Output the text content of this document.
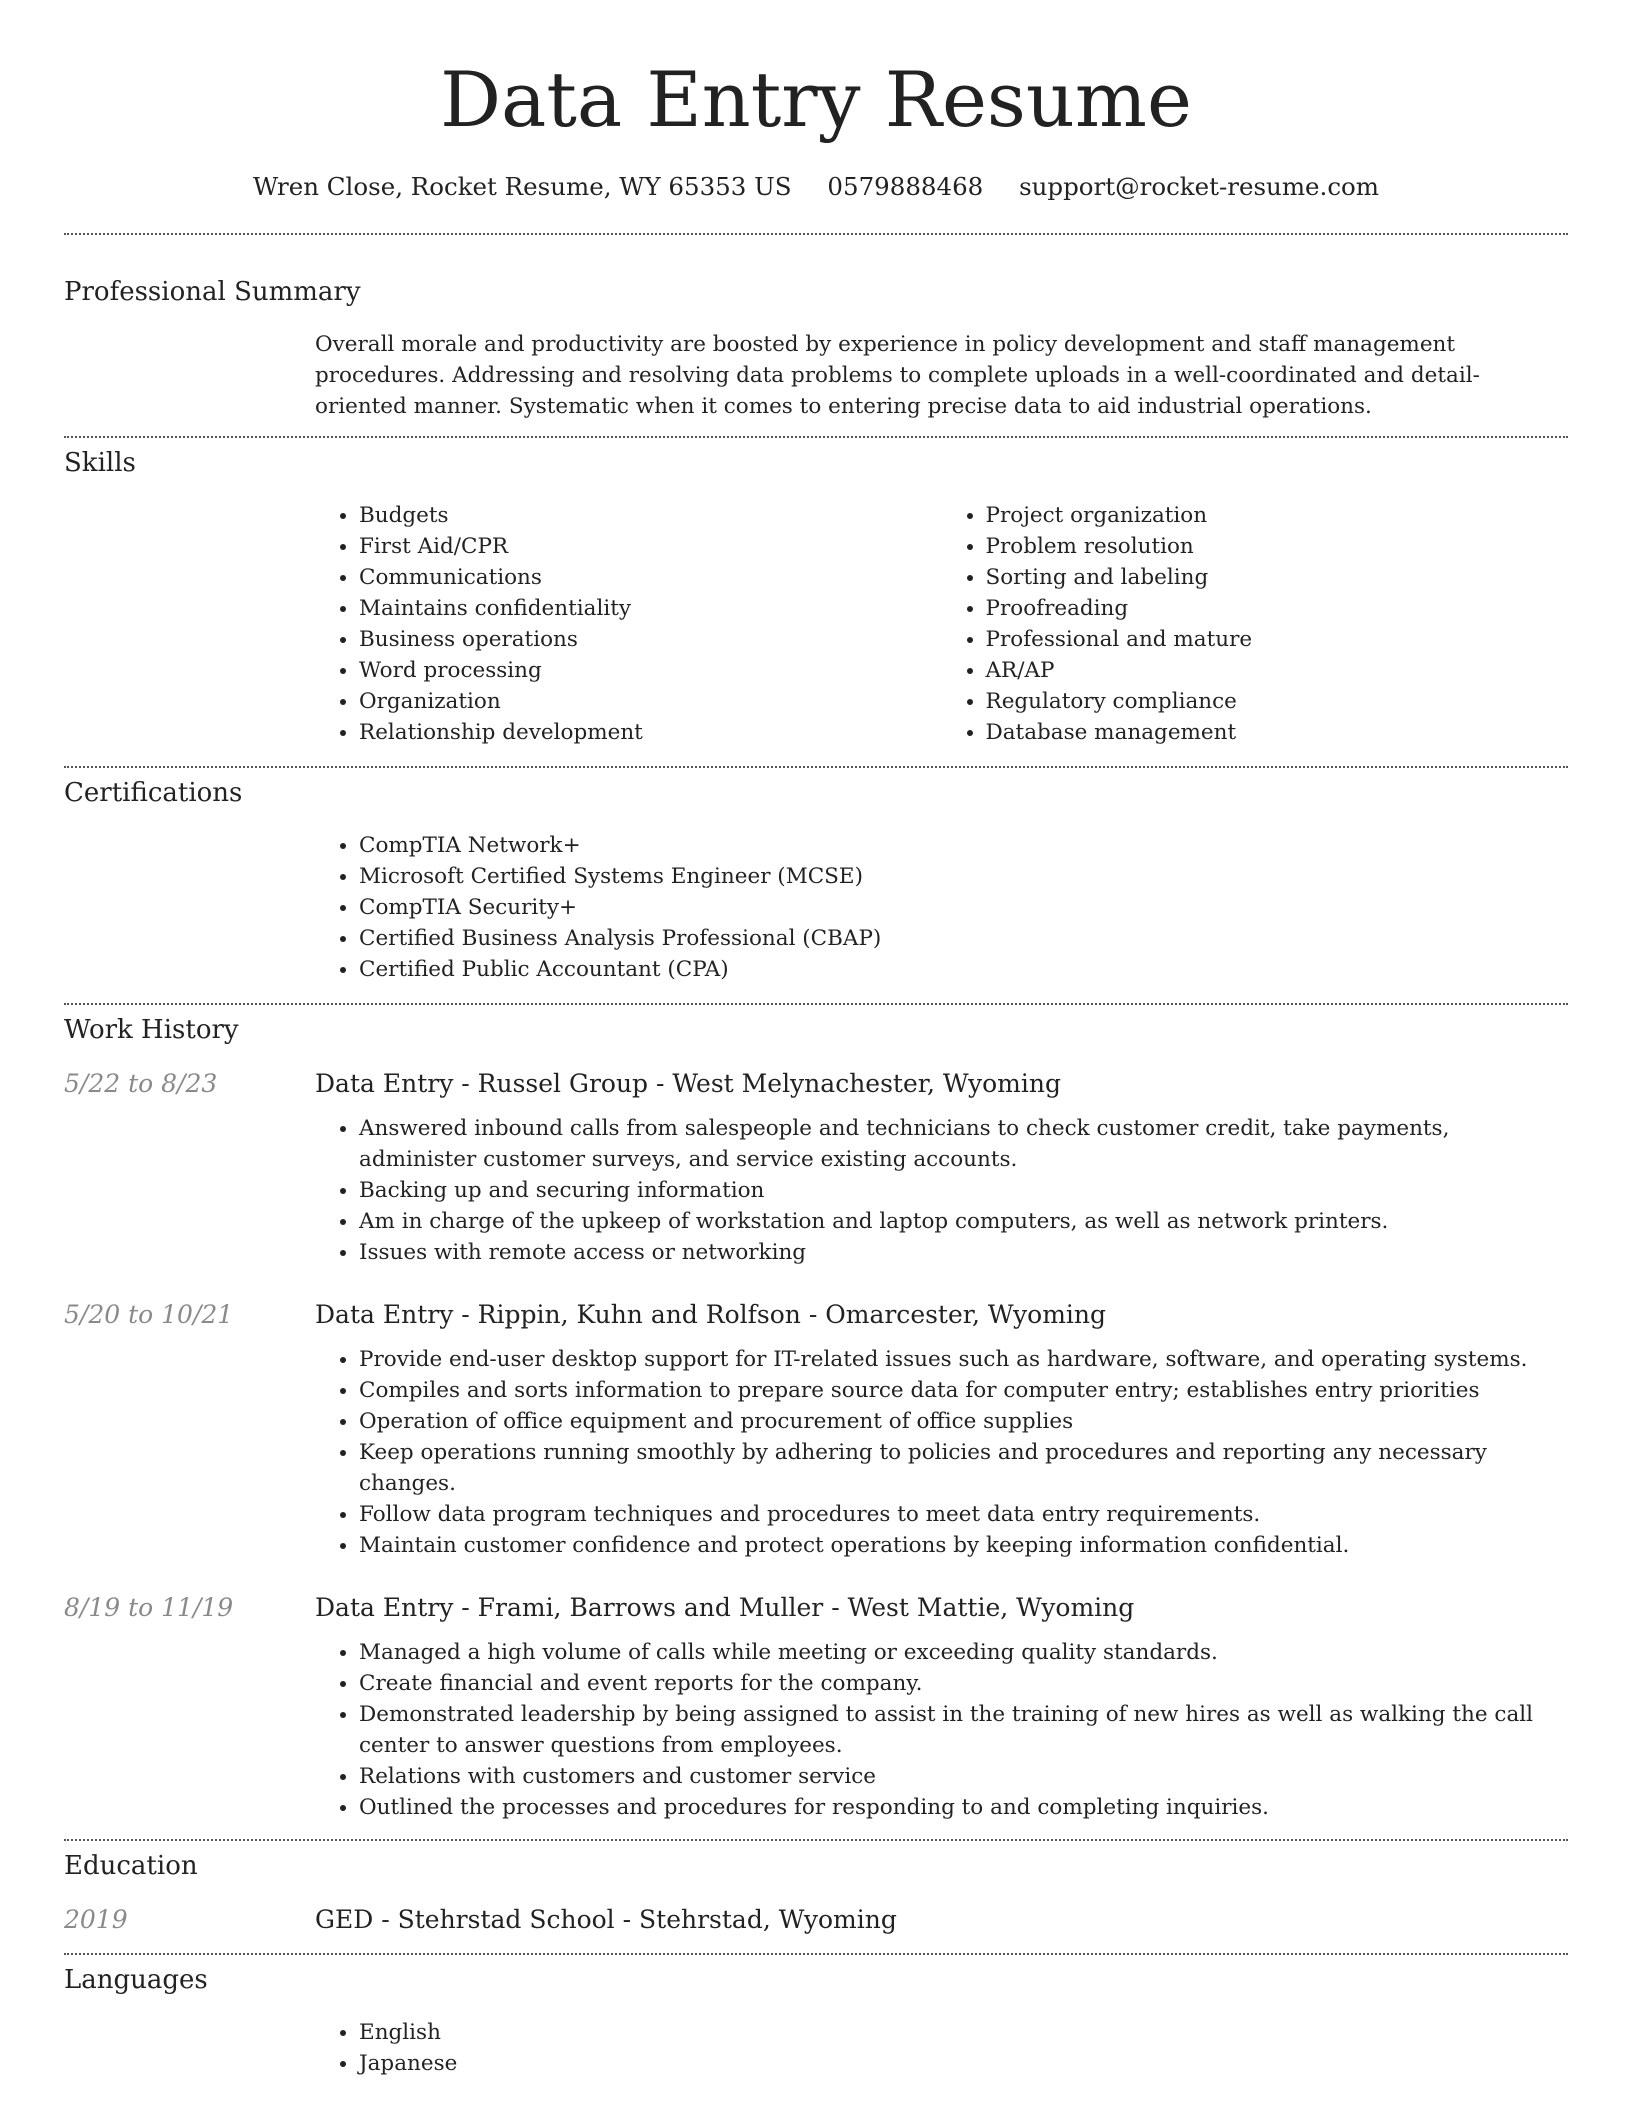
Data Entry Resume
Wren Close, Rocket Resume, WY 65353 US 0579888468 support@rocket-resume.com
Professional Summary

Overall morale and productivity are boosted by experience in policy development and staff management procedures. Addressing and resolving data problems to complete uploads in a well-coordinated and detail-oriented manner. Systematic when it comes to entering precise data to aid industrial operations.

Skills
• Budgets
• First Aid/CPR
• Communications
• Maintains confidentiality
• Business operations
• Word processing
• Organization
• Relationship development
• Project organization
• Problem resolution
• Sorting and labeling
• Proofreading
• Professional and mature
• AR/AP
• Regulatory compliance
• Database management
Certifications
• CompTIA Network+
• Microsoft Certified Systems Engineer (MCSE)
• CompTIA Security+
• Certified Business Analysis Professional (CBAP)
• Certified Public Accountant (CPA)
Work History
5/22 to 8/23	Data Entry - Russel Group - West Melynachester, Wyoming
• Answered inbound calls from salespeople and technicians to check customer credit, take payments, administer customer surveys, and service existing accounts.
• Backing up and securing information
• Am in charge of the upkeep of workstation and laptop computers, as well as network printers.
• Issues with remote access or networking
5/20 to 10/21	Data Entry - Rippin, Kuhn and Rolfson - Omarcester, Wyoming
• Provide end-user desktop support for IT-related issues such as hardware, software, and operating systems.
• Compiles and sorts information to prepare source data for computer entry; establishes entry priorities
• Operation of office equipment and procurement of office supplies
• Keep operations running smoothly by adhering to policies and procedures and reporting any necessary changes.
• Follow data program techniques and procedures to meet data entry requirements.
• Maintain customer confidence and protect operations by keeping information confidential.
8/19 to 11/19	Data Entry - Frami, Barrows and Muller - West Mattie, Wyoming
• Managed a high volume of calls while meeting or exceeding quality standards.
• Create financial and event reports for the company.
• Demonstrated leadership by being assigned to assist in the training of new hires as well as walking the call center to answer questions from employees.
• Relations with customers and customer service
• Outlined the processes and procedures for responding to and completing inquiries.
Education
2019	GED - Stehrstad School - Stehrstad, Wyoming
Languages
• English
• Japanese
